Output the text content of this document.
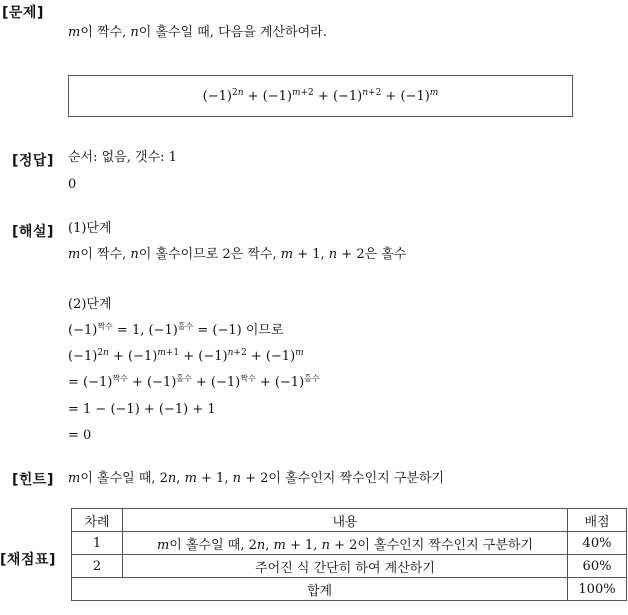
[문제]
[정답]
[해설]
[힌트]
[채점표]
m이 짝수, n이 홀수일 때, 다음을 계산하여라.
$(-1)^{2n} + (-1)^{m+2} + (-1)^{n+2} + (-1)^m$
순서: 없음, 갯수: 1
0
(1)단계
m이 짝수, n이 홀수이므로 2은 짝수, m + 1, n + 2은 홀수
(2)단계
$(-1)^{짝수} = 1$, $(-1)^{홀수} = (-1)$ 이므로
$(-1)^{2n} + (-1)^{m+1} + (-1)^{n+2} + (-1)^m$
= $(-1)^{짝수} + (-1)^{홀수} + (-1)^{짝수} + (-1)^{홀수}$
= 1 − (−1) + (−1) + 1
= 0
m이 홀수일 때, 2n, m + 1, n + 2이 홀수인지 짝수인지 구분하기
차례	내용	배점
1	m이 홀수일 때, 2n, m + 1, n + 2이 홀수인지 짝수인지 구분하기	40%
2	주어진 식 간단히 하여 계산하기	60%
합계		100%
